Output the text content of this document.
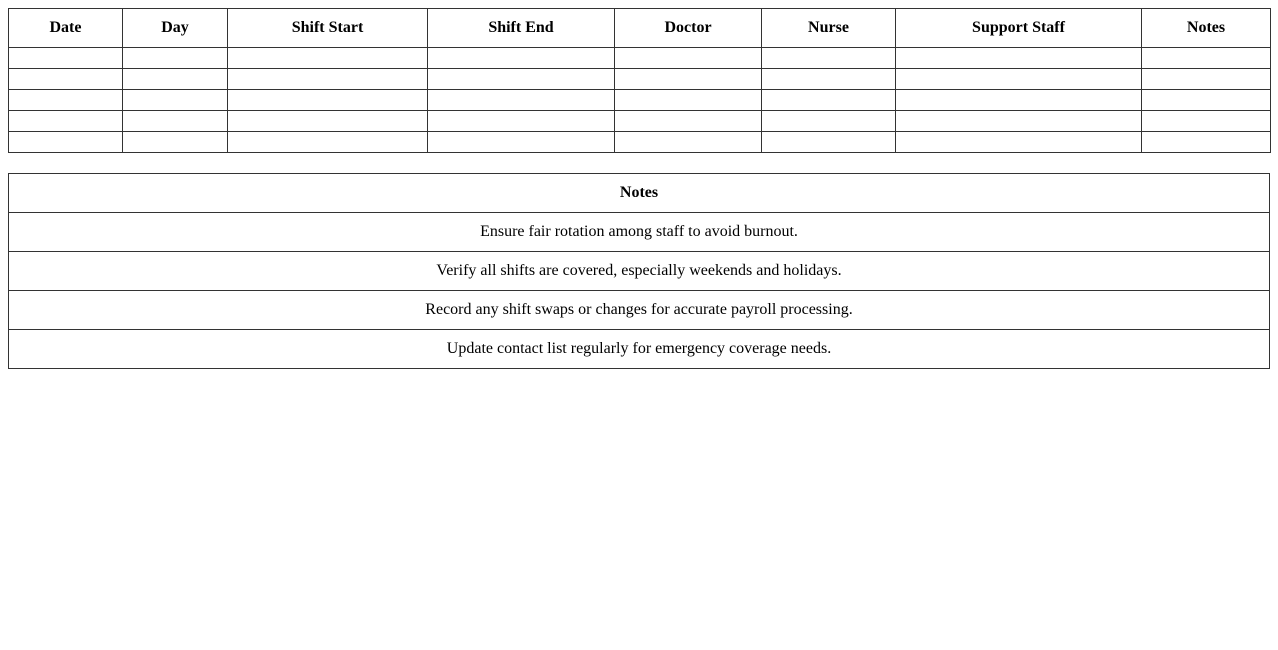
Date	Day	Shift Start	Shift End	Doctor	Nurse	Support Staff	Notes

Notes
Ensure fair rotation among staff to avoid burnout.
Verify all shifts are covered, especially weekends and holidays.
Record any shift swaps or changes for accurate payroll processing.
Update contact list regularly for emergency coverage needs.
